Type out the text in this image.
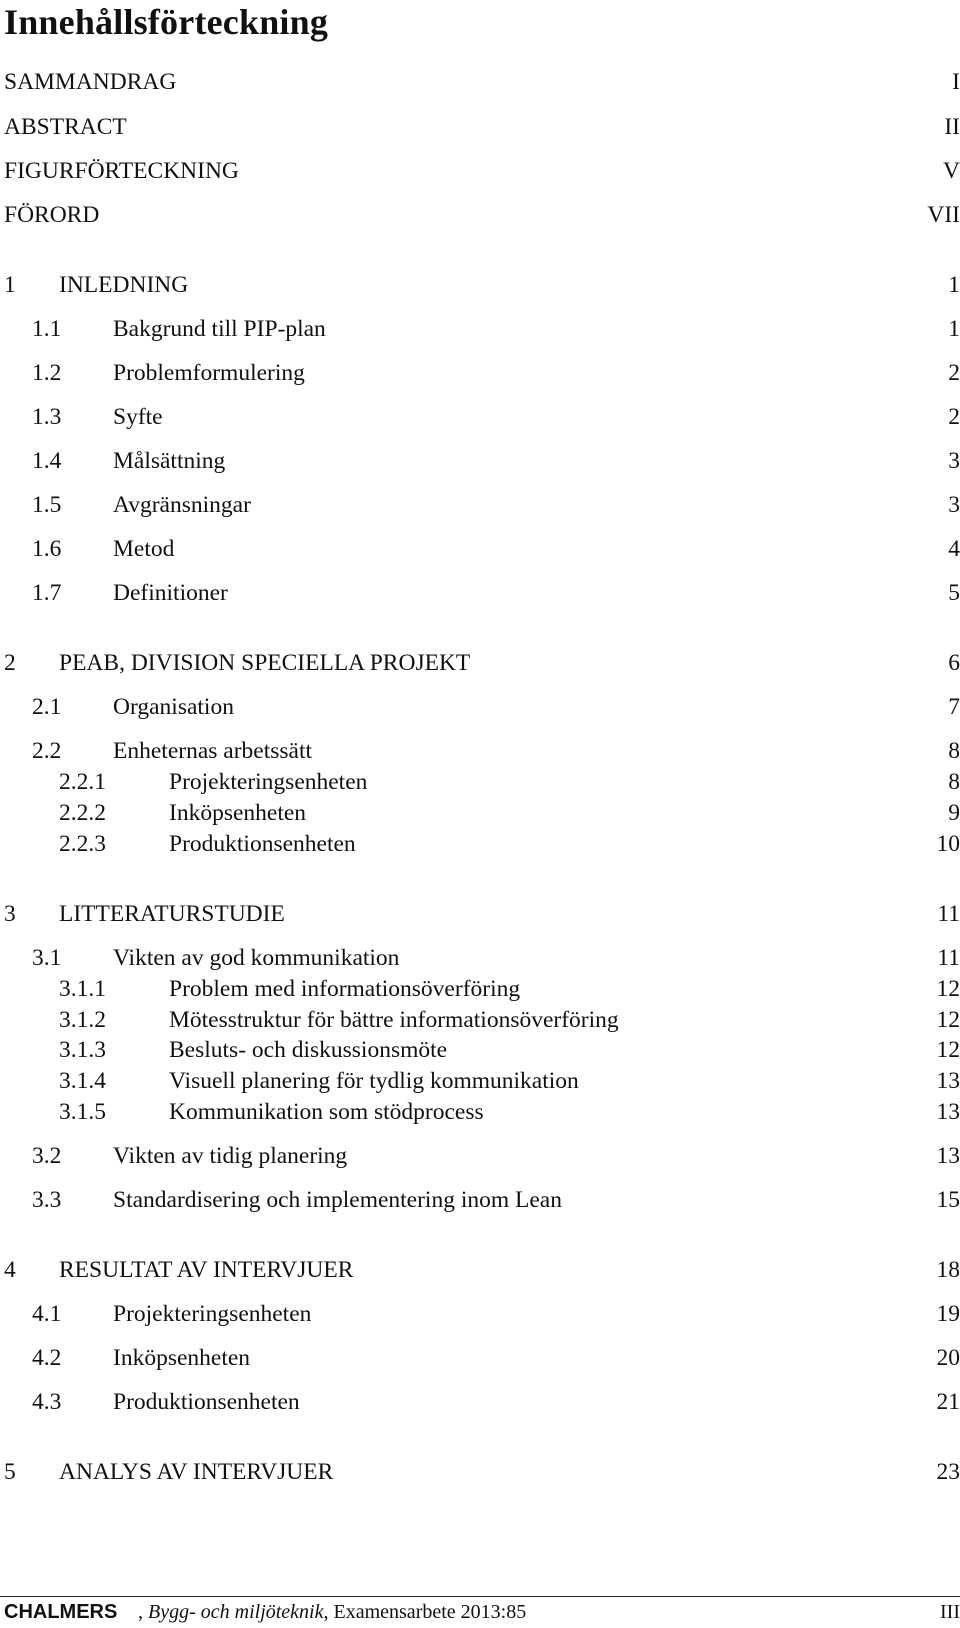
Innehållsförteckning
SAMMANDRAG	I
ABSTRACT	II
FIGURFÖRTECKNING	V
FÖRORD	VII
1 INLEDNING	1
1.1 Bakgrund till PIP-plan	1
1.2 Problemformulering	2
1.3 Syfte	2
1.4 Målsättning	3
1.5 Avgränsningar	3
1.6 Metod	4
1.7 Definitioner	5
2 PEAB, DIVISION SPECIELLA PROJEKT	6
2.1 Organisation	7
2.2 Enheternas arbetssätt	8
2.2.1	Projekteringsenheten	8
2.2.2	Inköpsenheten	9
2.2.3	Produktionsenheten	10
3 LITTERATURSTUDIE	11
3.1 Vikten av god kommunikation	11
3.1.1	Problem med informationsöverföring	12
3.1.2	Mötesstruktur för bättre informationsöverföring	12
3.1.3	Besluts- och diskussionsmöte	12
3.1.4	Visuell planering för tydlig kommunikation	13
3.1.5	Kommunikation som stödprocess	13
3.2 Vikten av tidig planering	13
3.3 Standardisering och implementering inom Lean	15
4 RESULTAT AV INTERVJUER	18
4.1 Projekteringsenheten	19
4.2 Inköpsenheten	20
4.3 Produktionsenheten	21
5 ANALYS AV INTERVJUER	23
CHALMERS , Bygg- och miljöteknik, Examensarbete 2013:85	III
